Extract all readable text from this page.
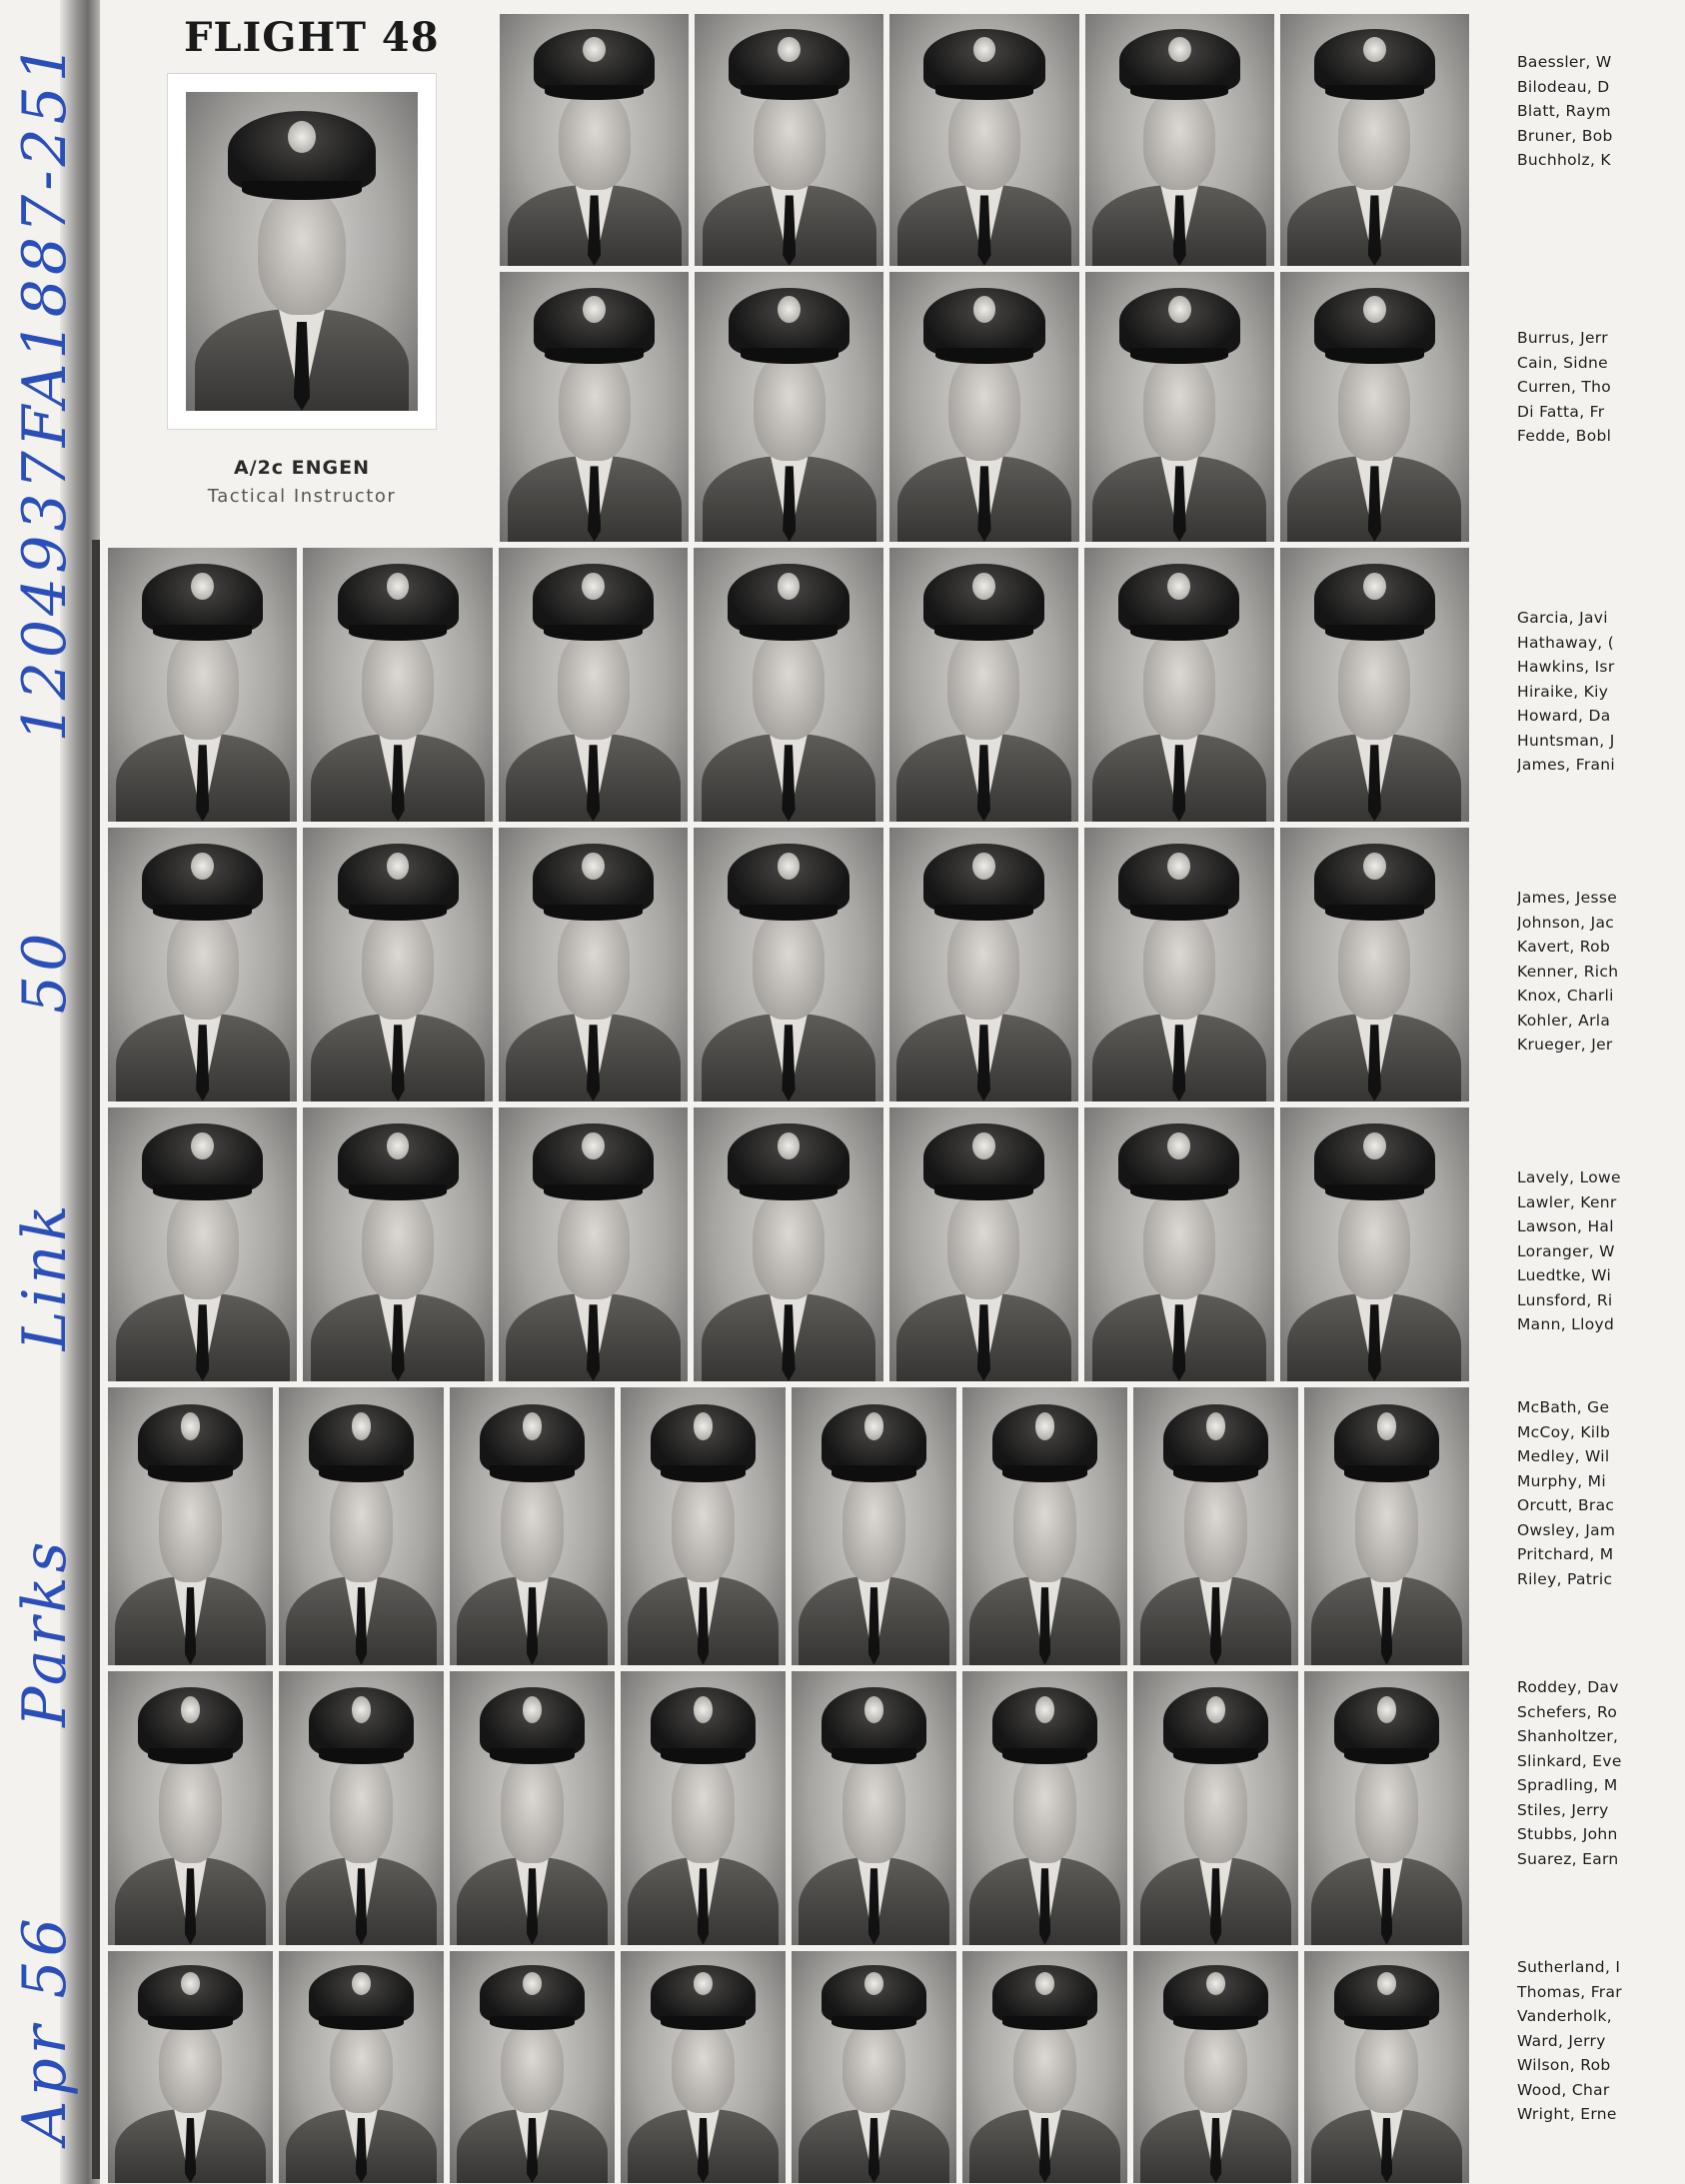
Apr 56
Parks
Link
50
1204937FA1887-251
FLIGHT 48
A/2c ENGEN
Tactical Instructor
Baessler, W
Bilodeau, D
Blatt, Raym
Bruner, Bob
Buchholz, K
Burrus, Jerr
Cain, Sidne
Curren, Tho
Di Fatta, Fr
Fedde, Bobl
Garcia, Javi
Hathaway, (
Hawkins, Isr
Hiraike, Kiy
Howard, Da
Huntsman, J
James, Frani
James, Jesse
Johnson, Jac
Kavert, Rob
Kenner, Rich
Knox, Charli
Kohler, Arla
Krueger, Jer
Lavely, Lowe
Lawler, Kenr
Lawson, Hal
Loranger, W
Luedtke, Wi
Lunsford, Ri
Mann, Lloyd
McBath, Ge
McCoy, Kilb
Medley, Wil
Murphy, Mi
Orcutt, Brac
Owsley, Jam
Pritchard, M
Riley, Patric
Roddey, Dav
Schefers, Ro
Shanholtzer,
Slinkard, Eve
Spradling, M
Stiles, Jerry
Stubbs, John
Suarez, Earn
Sutherland, I
Thomas, Frar
Vanderholk,
Ward, Jerry
Wilson, Rob
Wood, Char
Wright, Erne
